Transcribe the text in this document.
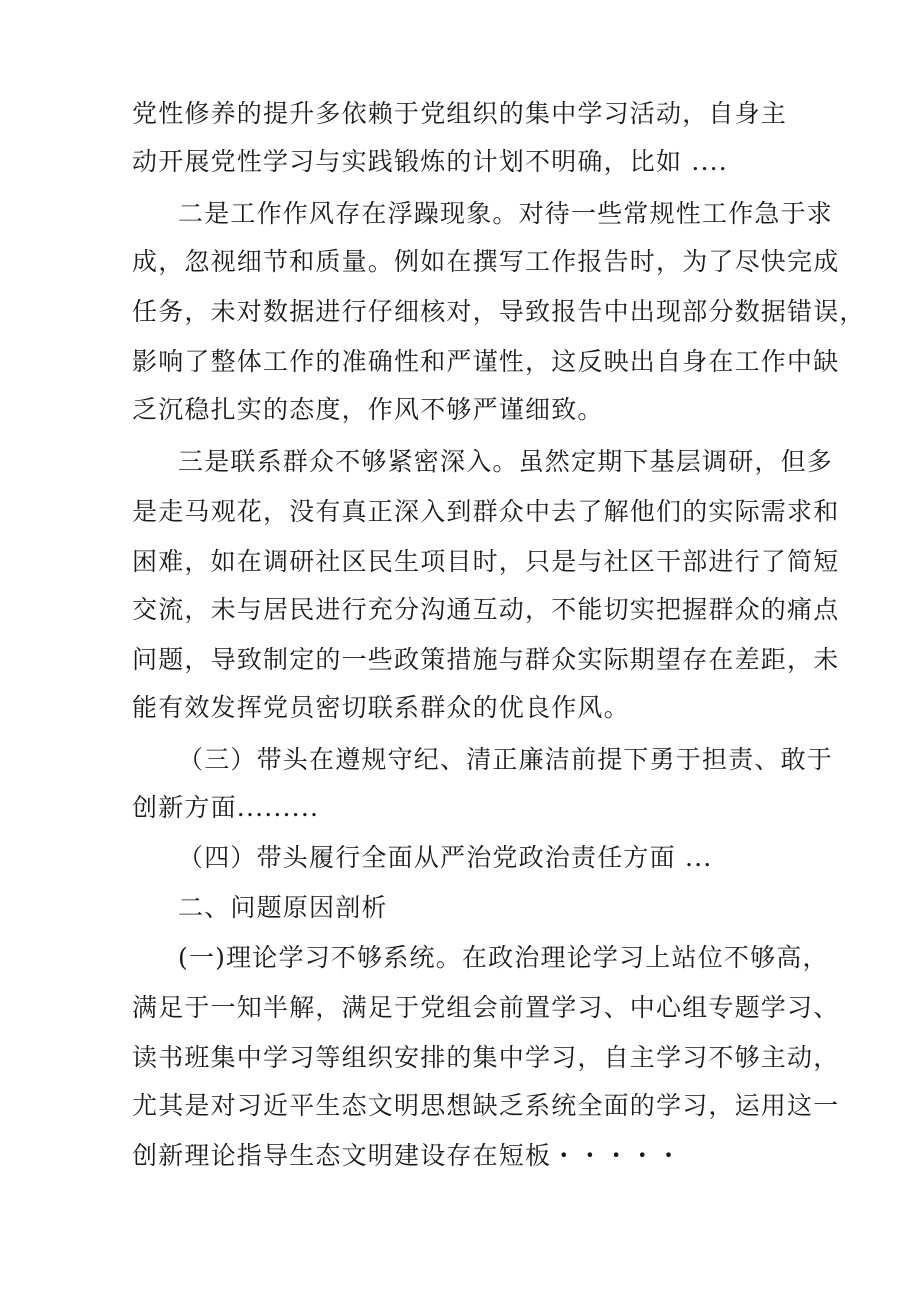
党性修养的提升多依赖于党组织的集中学习活动，自身主
动开展党性学习与实践锻炼的计划不明确，比如 ....
二是工作作风存在浮躁现象。对待一些常规性工作急于求
成，忽视细节和质量。例如在撰写工作报告时，为了尽快完成
任务，未对数据进行仔细核对，导致报告中出现部分数据错误，
影响了整体工作的准确性和严谨性，这反映出自身在工作中缺
乏沉稳扎实的态度，作风不够严谨细致。
三是联系群众不够紧密深入。虽然定期下基层调研，但多
是走马观花，没有真正深入到群众中去了解他们的实际需求和
困难，如在调研社区民生项目时，只是与社区干部进行了简短
交流，未与居民进行充分沟通互动，不能切实把握群众的痛点
问题，导致制定的一些政策措施与群众实际期望存在差距，未
能有效发挥党员密切联系群众的优良作风。
（三）带头在遵规守纪、清正廉洁前提下勇于担责、敢于
创新方面.........
（四）带头履行全面从严治党政治责任方面 ...
二、问题原因剖析
(一)理论学习不够系统。在政治理论学习上站位不够高，
满足于一知半解，满足于党组会前置学习、中心组专题学习、
读书班集中学习等组织安排的集中学习，自主学习不够主动，
尤其是对习近平生态文明思想缺乏系统全面的学习，运用这一
创新理论指导生态文明建设存在短板・・・・・
